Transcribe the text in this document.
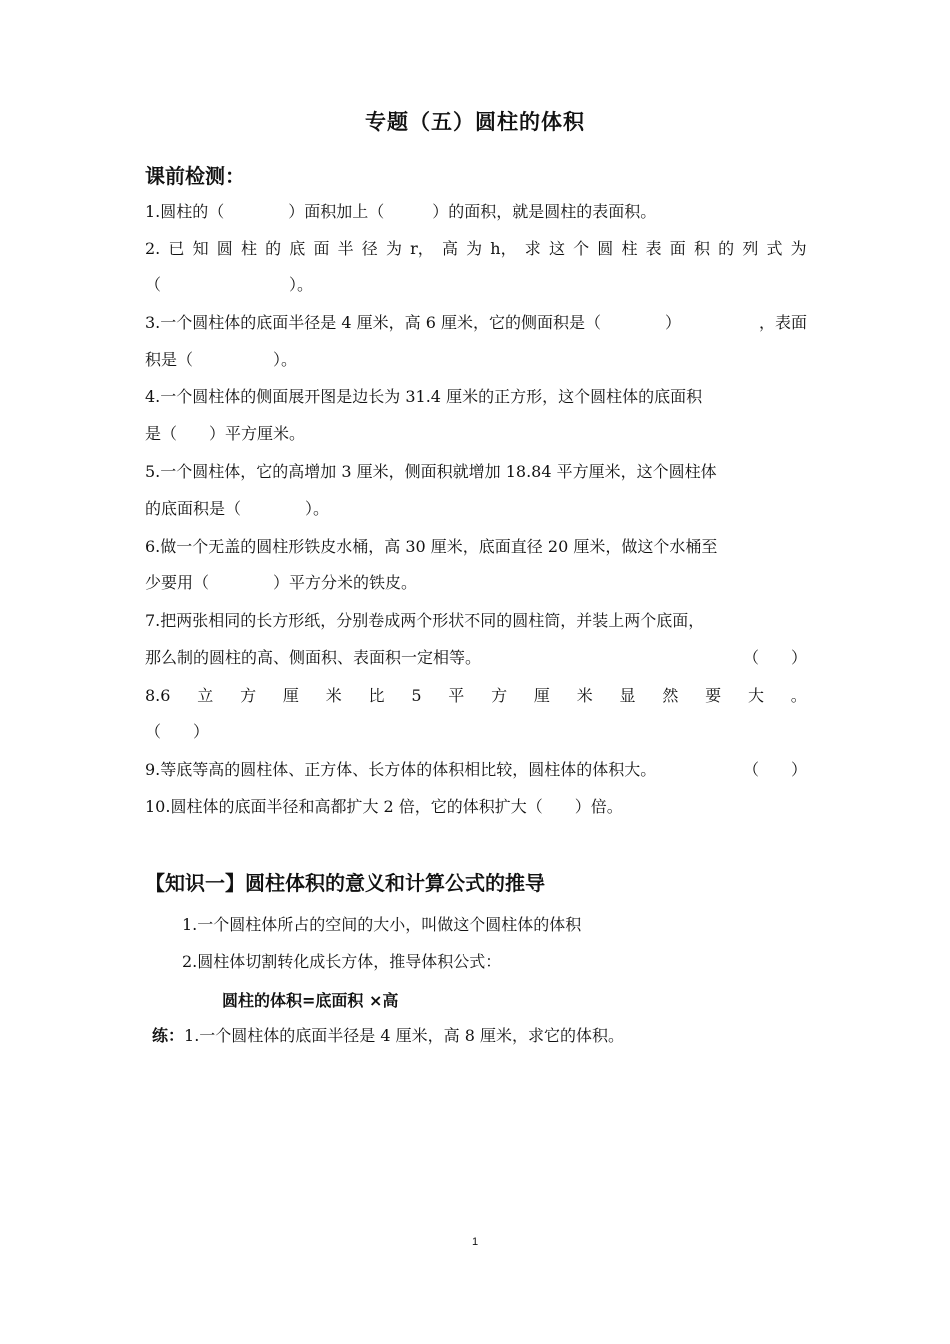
专题（五）圆柱的体积
课前检测：
1.圆柱的（　　　　）面积加上（　　　）的面积，就是圆柱的表面积。
2. 已 知 圆 柱 的 底 面 半 径 为 r， 高 为 h， 求 这 个 圆 柱 表 面 积 的 列 式 为
（　　　　　　　　）。
3.一个圆柱体的底面半径是 4 厘米，高 6 厘米，它的侧面积是（　　　　）	，表面
积是（　　　　　）。
4.一个圆柱体的侧面展开图是边长为 31.4 厘米的正方形，这个圆柱体的底面积
是（　　）平方厘米。
5.一个圆柱体，它的高增加 3 厘米，侧面积就增加 18.84 平方厘米，这个圆柱体
的底面积是（　　　　）。
6.做一个无盖的圆柱形铁皮水桶，高 30 厘米，底面直径 20 厘米，做这个水桶至
少要用（　　　　）平方分米的铁皮。
7.把两张相同的长方形纸，分别卷成两个形状不同的圆柱筒，并装上两个底面，
那么制的圆柱的高、侧面积、表面积一定相等。	（　　）
8.6 立 方 厘 米 比 5 平 方 厘 米 显 然 要 大 。
（　　）
9.等底等高的圆柱体、正方体、长方体的体积相比较，圆柱体的体积大。	（　　）
10.圆柱体的底面半径和高都扩大 2 倍，它的体积扩大（　　）倍。
【知识一】圆柱体积的意义和计算公式的推导
1.一个圆柱体所占的空间的大小，叫做这个圆柱体的体积
2.圆柱体切割转化成长方体，推导体积公式：
圆柱的体积=底面积 ×高
练：1.一个圆柱体的底面半径是 4 厘米，高 8 厘米，求它的体积。
1
